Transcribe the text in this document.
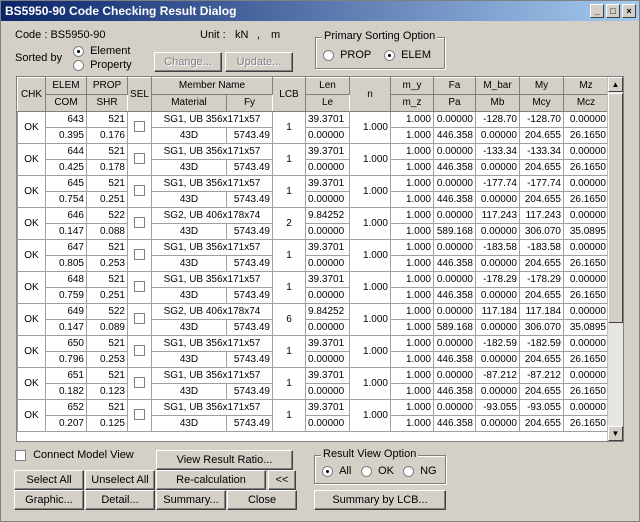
BS5950-90 Code Checking Result Dialog	_	□	×
Code : BS5950-90	Unit : kN , m
Sorted by
Element
Property	Change...	Update...
Primary Sorting Option
PROP	ELEM
CHK	ELEM	PROP	SEL	Member Name		LCB	Len	n	m_y	Fa	M_bar	My	Mz
	COM	SHR		Material	Fy		Le		m_z	Pa	Mb	Mcy	Mcz
OK	643	521		SG1, UB 356x171x57		1	39.3701	1.000	1.000	0.00000	-128.70	-128.70	0.00000
	0.395	0.176		43D	5743.49		0.00000		1.000	446.358	0.00000	204.655	26.1650
OK	644	521		SG1, UB 356x171x57		1	39.3701	1.000	1.000	0.00000	-133.34	-133.34	0.00000
	0.425	0.178		43D	5743.49		0.00000		1.000	446.358	0.00000	204.655	26.1650
OK	645	521		SG1, UB 356x171x57		1	39.3701	1.000	1.000	0.00000	-177.74	-177.74	0.00000
	0.754	0.251		43D	5743.49		0.00000		1.000	446.358	0.00000	204.655	26.1650
OK	646	522		SG2, UB 406x178x74		2	9.84252	1.000	1.000	0.00000	117.243	117.243	0.00000
	0.147	0.088		43D	5743.49		0.00000		1.000	589.168	0.00000	306.070	35.0895
OK	647	521		SG1, UB 356x171x57		1	39.3701	1.000	1.000	0.00000	-183.58	-183.58	0.00000
	0.805	0.253		43D	5743.49		0.00000		1.000	446.358	0.00000	204.655	26.1650
OK	648	521		SG1, UB 356x171x57		1	39.3701	1.000	1.000	0.00000	-178.29	-178.29	0.00000
	0.759	0.251		43D	5743.49		0.00000		1.000	446.358	0.00000	204.655	26.1650
OK	649	522		SG2, UB 406x178x74		6	9.84252	1.000	1.000	0.00000	117.184	117.184	0.00000
	0.147	0.089		43D	5743.49		0.00000		1.000	589.168	0.00000	306.070	35.0895
OK	650	521		SG1, UB 356x171x57		1	39.3701	1.000	1.000	0.00000	-182.59	-182.59	0.00000
	0.796	0.253		43D	5743.49		0.00000		1.000	446.358	0.00000	204.655	26.1650
OK	651	521		SG1, UB 356x171x57		1	39.3701	1.000	1.000	0.00000	-87.212	-87.212	0.00000
	0.182	0.123		43D	5743.49		0.00000		1.000	446.358	0.00000	204.655	26.1650
OK	652	521		SG1, UB 356x171x57		1	39.3701	1.000	1.000	0.00000	-93.055	-93.055	0.00000
	0.207	0.125		43D	5743.49		0.00000		1.000	446.358	0.00000	204.655	26.1650
▲
▼
Connect Model View	View Result Ratio...
Select All	Unselect All	Re-calculation	<<
Graphic...	Detail...	Summary...	Close
Result View Option
All	OK	NG
Summary by LCB...
